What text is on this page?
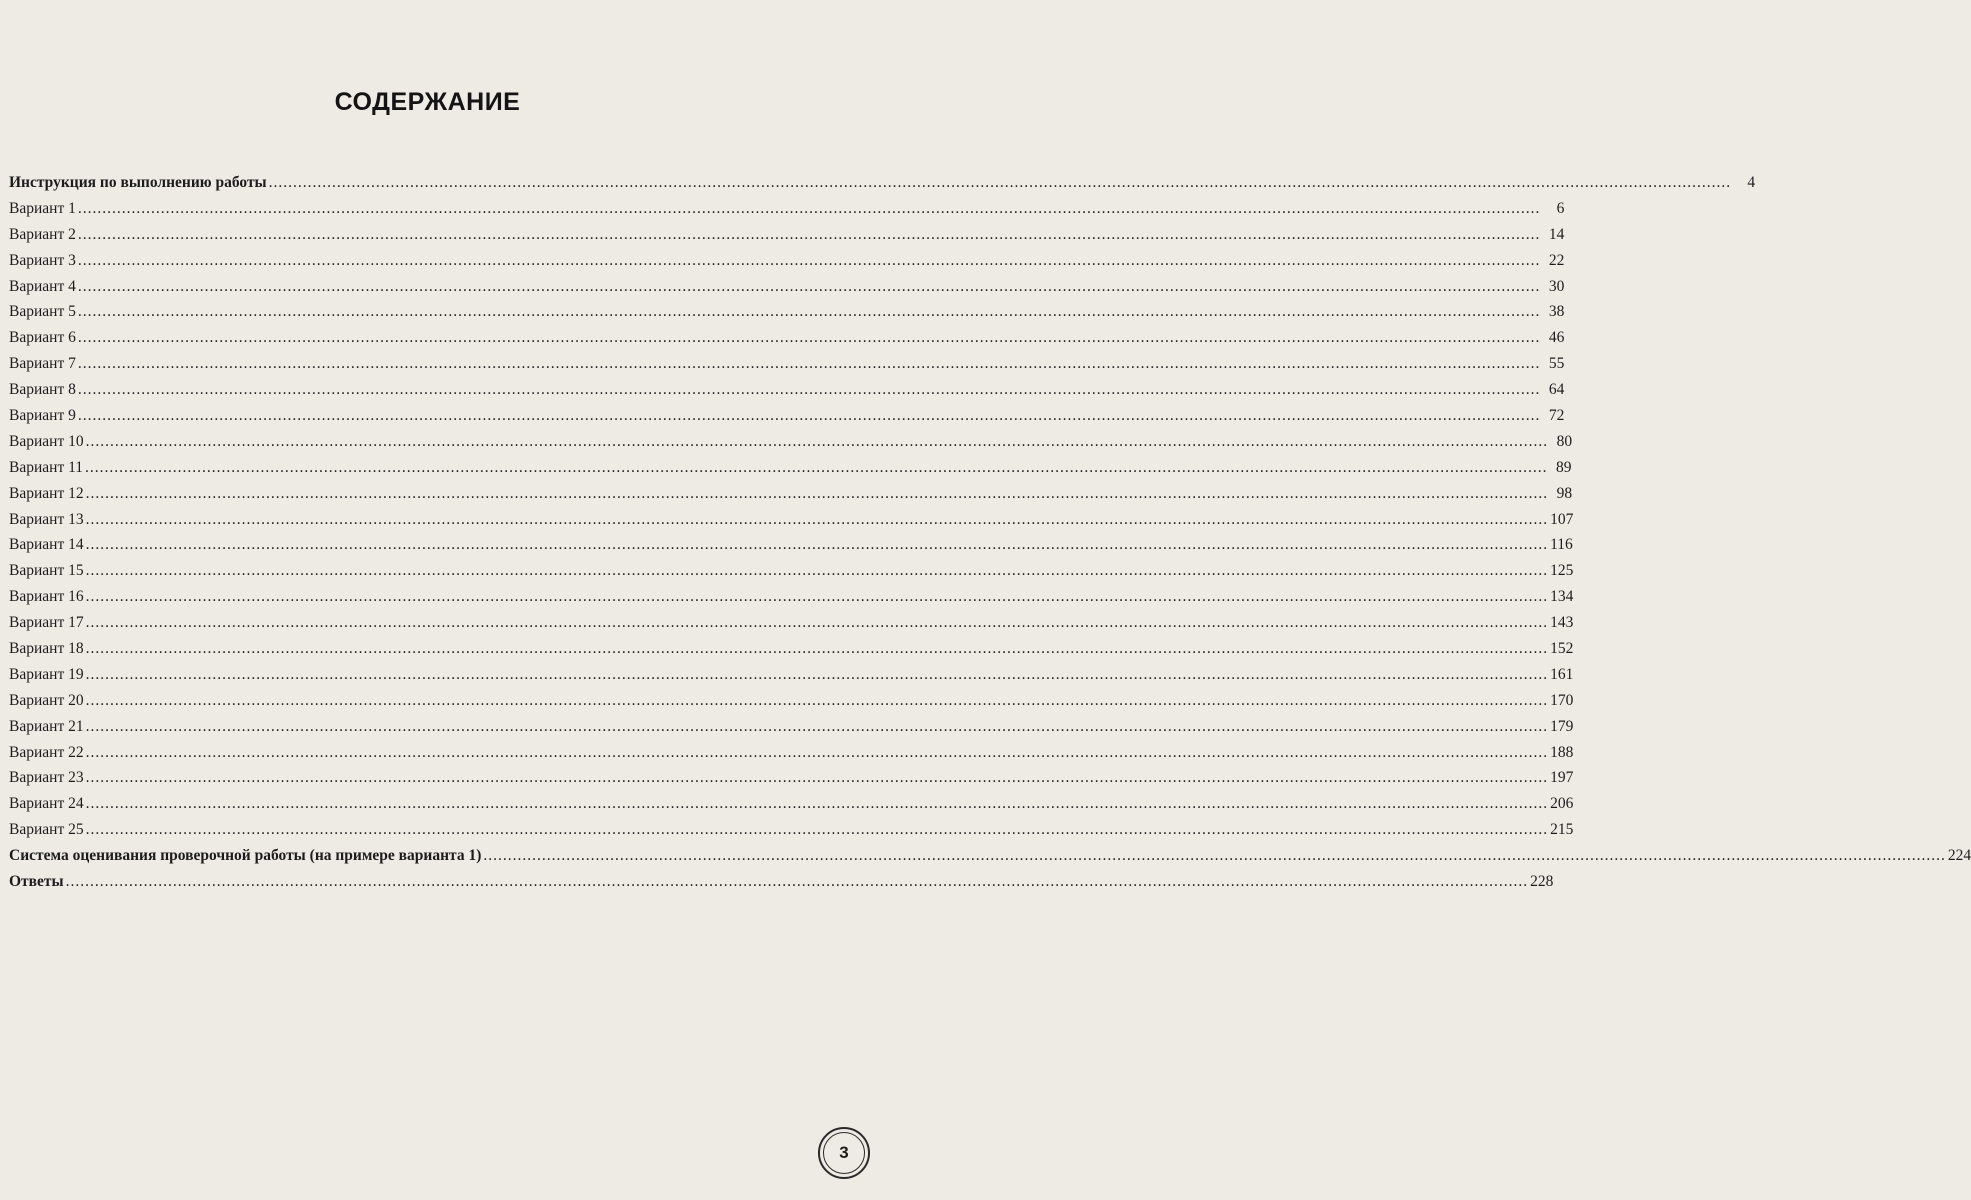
СОДЕРЖАНИЕ
Инструкция по выполнению работы ............................................................................................................................................................................................................................................................................................................	4
Вариант 1 ............................................................................................................................................................................................................................................................................................................	6
Вариант 2 ............................................................................................................................................................................................................................................................................................................ 14
Вариант 3 ............................................................................................................................................................................................................................................................................................................ 22
Вариант 4 ............................................................................................................................................................................................................................................................................................................ 30
Вариант 5 ............................................................................................................................................................................................................................................................................................................ 38
Вариант 6 ............................................................................................................................................................................................................................................................................................................ 46
Вариант 7 ............................................................................................................................................................................................................................................................................................................ 55
Вариант 8 ............................................................................................................................................................................................................................................................................................................ 64
Вариант 9 ............................................................................................................................................................................................................................................................................................................ 72
Вариант 10 ............................................................................................................................................................................................................................................................................................................ 80
Вариант 11 ............................................................................................................................................................................................................................................................................................................ 89
Вариант 12 ............................................................................................................................................................................................................................................................................................................ 98
Вариант 13 ............................................................................................................................................................................................................................................................................................................ 107
Вариант 14 ............................................................................................................................................................................................................................................................................................................ 116
Вариант 15 ............................................................................................................................................................................................................................................................................................................ 125
Вариант 16 ............................................................................................................................................................................................................................................................................................................ 134
Вариант 17 ............................................................................................................................................................................................................................................................................................................ 143
Вариант 18 ............................................................................................................................................................................................................................................................................................................ 152
Вариант 19 ............................................................................................................................................................................................................................................................................................................ 161
Вариант 20 ............................................................................................................................................................................................................................................................................................................ 170
Вариант 21 ............................................................................................................................................................................................................................................................................................................ 179
Вариант 22 ............................................................................................................................................................................................................................................................................................................ 188
Вариант 23 ............................................................................................................................................................................................................................................................................................................ 197
Вариант 24 ............................................................................................................................................................................................................................................................................................................ 206
Вариант 25 ............................................................................................................................................................................................................................................................................................................ 215
Система оценивания проверочной работы (на примере варианта 1) ............................................................................................................................................................................................................................................................................................................ 224
Ответы ............................................................................................................................................................................................................................................................................................................ 228
3
